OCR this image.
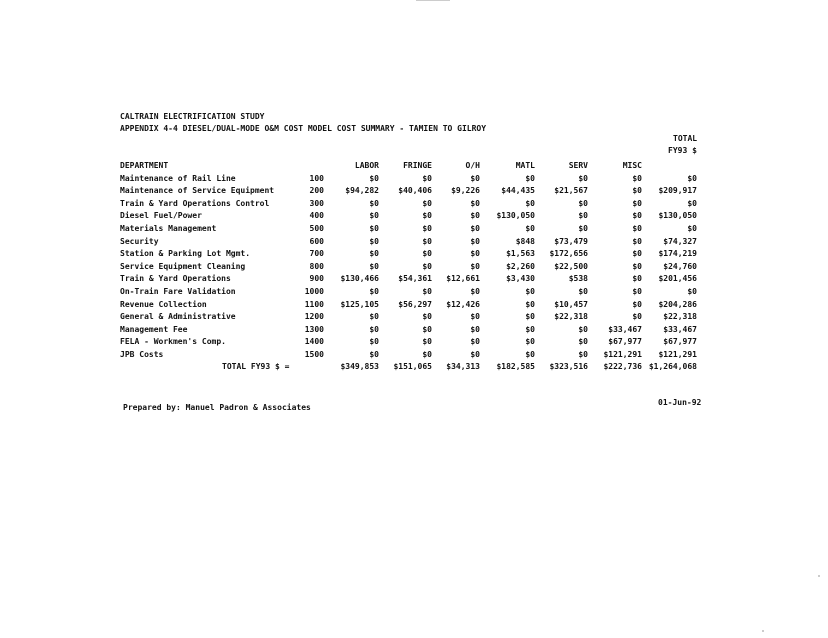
CALTRAIN ELECTRIFICATION STUDY
APPENDIX 4-4 DIESEL/DUAL-MODE O&M COST MODEL COST SUMMARY - TAMIEN TO GILROY
TOTAL
FY93 $
DEPARTMENT	LABOR	FRINGE	O/H	MATL	SERV	MISC
Maintenance of Rail Line	100	$0	$0	$0	$0	$0	$0	$0
Maintenance of Service Equipment	200	$94,282	$40,406	$9,226	$44,435	$21,567	$0	$209,917
Train & Yard Operations Control	300	$0	$0	$0	$0	$0	$0	$0
Diesel Fuel/Power	400	$0	$0	$0	$130,050	$0	$0	$130,050
Materials Management	500	$0	$0	$0	$0	$0	$0	$0
Security	600	$0	$0	$0	$848	$73,479	$0	$74,327
Station & Parking Lot Mgmt.	700	$0	$0	$0	$1,563	$172,656	$0	$174,219
Service Equipment Cleaning	800	$0	$0	$0	$2,260	$22,500	$0	$24,760
Train & Yard Operations	900	$130,466	$54,361	$12,661	$3,430	$538	$0	$201,456
On-Train Fare Validation	1000	$0	$0	$0	$0	$0	$0	$0
Revenue Collection	1100	$125,105	$56,297	$12,426	$0	$10,457	$0	$204,286
General & Administrative	1200	$0	$0	$0	$0	$22,318	$0	$22,318
Management Fee	1300	$0	$0	$0	$0	$0	$33,467	$33,467
FELA - Workmen's Comp.	1400	$0	$0	$0	$0	$0	$67,977	$67,977
JPB Costs	1500	$0	$0	$0	$0	$0	$121,291	$121,291
TOTAL FY93 $ =	$349,853	$151,065	$34,313	$182,585	$323,516	$222,736 $1,264,068
Prepared by: Manuel Padron & Associates
01-Jun-92
